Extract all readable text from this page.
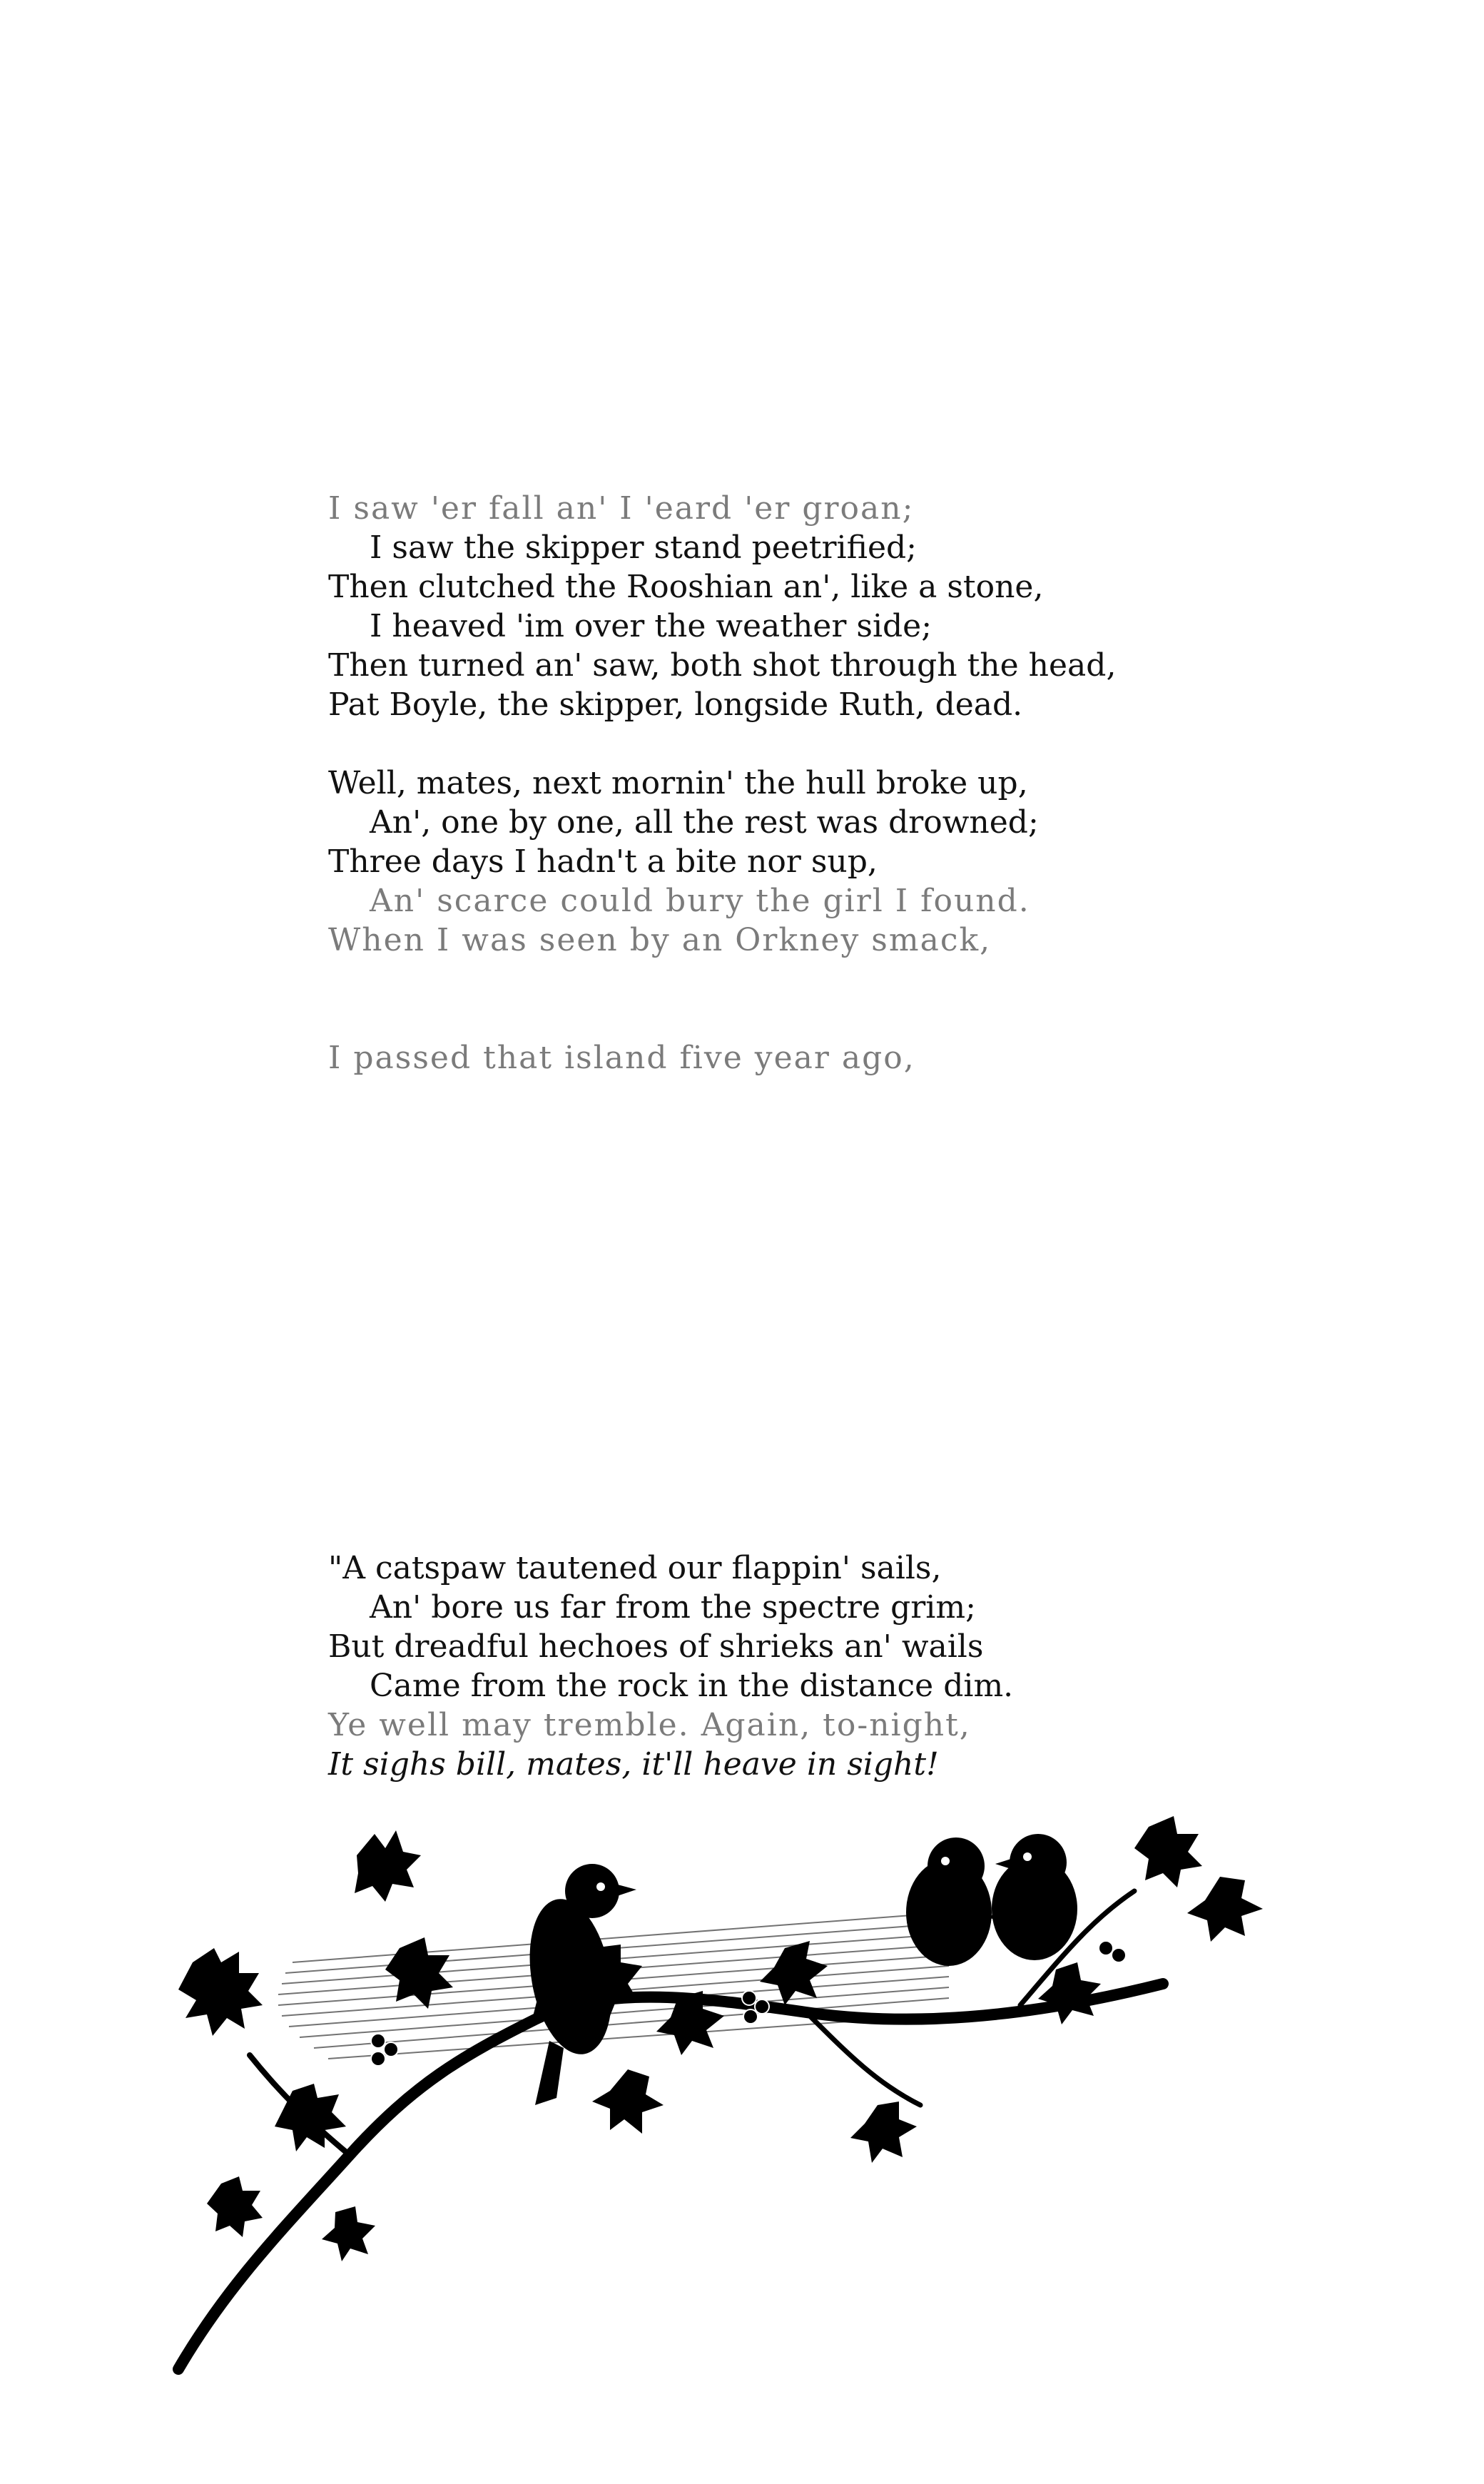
I saw 'er fall an' I 'eard 'er groan;
I saw the skipper stand peetrified;
Then clutched the Rooshian an', like a stone,
I heaved 'im over the weather side;
Then turned an' saw, both shot through the head,
Pat Boyle, the skipper, longside Ruth, dead.
Well, mates, next mornin' the hull broke up,
An', one by one, all the rest was drowned;
Three days I hadn't a bite nor sup,
An' scarce could bury the girl I found.
When I was seen by an Orkney smack,
I passed that island five year ago,
"A catspaw tautened our flappin' sails,
An' bore us far from the spectre grim;
But dreadful hechoes of shrieks an' wails
Came from the rock in the distance dim.
Ye well may tremble. Again, to-night,
It sighs bill, mates, it'll heave in sight!
